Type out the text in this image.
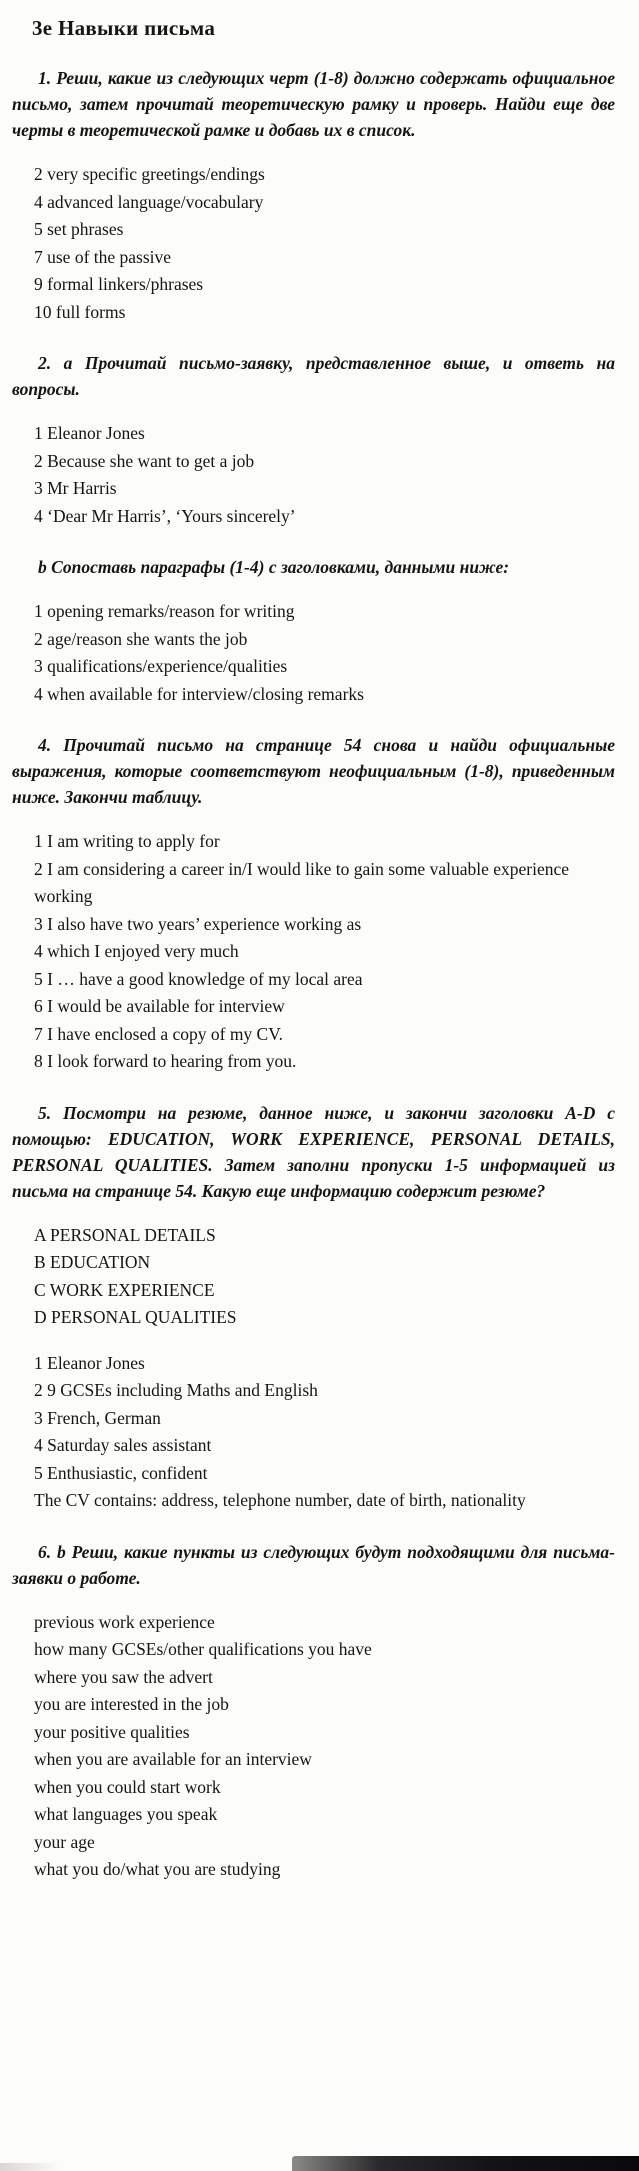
3е Навыки письма

1. Реши, какие из следующих черт (1-8) должно содержать официальное письмо, затем прочитай теоретическую рамку и проверь. Найди еще две черты в теоретической рамке и добавь их в список.

2 very specific greetings/endings
4 advanced language/vocabulary
5 set phrases
7 use of the passive
9 formal linkers/phrases
10 full forms

2. а Прочитай письмо-заявку, представленное выше, и ответь на вопросы.

1 Eleanor Jones
2 Because she want to get a job
3 Mr Harris
4 ‘Dear Mr Harris’, ‘Yours sincerely’

b Сопоставь параграфы (1-4) с заголовками, данными ниже:

1 opening remarks/reason for writing
2 age/reason she wants the job
3 qualifications/experience/qualities
4 when available for interview/closing remarks

4. Прочитай письмо на странице 54 снова и найди официальные выражения, которые соответствуют неофициальным (1-8), приведенным ниже. Закончи таблицу.

1 I am writing to apply for
2 I am considering a career in/I would like to gain some valuable experience working
3 I also have two years’ experience working as
4 which I enjoyed very much
5 I … have a good knowledge of my local area
6 I would be available for interview
7 I have enclosed a copy of my CV.
8 I look forward to hearing from you.

5. Посмотри на резюме, данное ниже, и закончи заголовки A-D с помощью: EDUCATION, WORK EXPERIENCE, PERSONAL DETAILS, PERSONAL QUALITIES. Затем заполни пропуски 1-5 информацией из письма на странице 54. Какую еще информацию содержит резюме?

A PERSONAL DETAILS
B EDUCATION
C WORK EXPERIENCE
D PERSONAL QUALITIES
1 Eleanor Jones
2 9 GCSEs including Maths and English
3 French, German
4 Saturday sales assistant
5 Enthusiastic, confident
The CV contains: address, telephone number, date of birth, nationality

6. b Реши, какие пункты из следующих будут подходящими для письма-заявки о работе.

previous work experience
how many GCSEs/other qualifications you have
where you saw the advert
you are interested in the job
your positive qualities
when you are available for an interview
when you could start work
what languages you speak
your age
what you do/what you are studying
